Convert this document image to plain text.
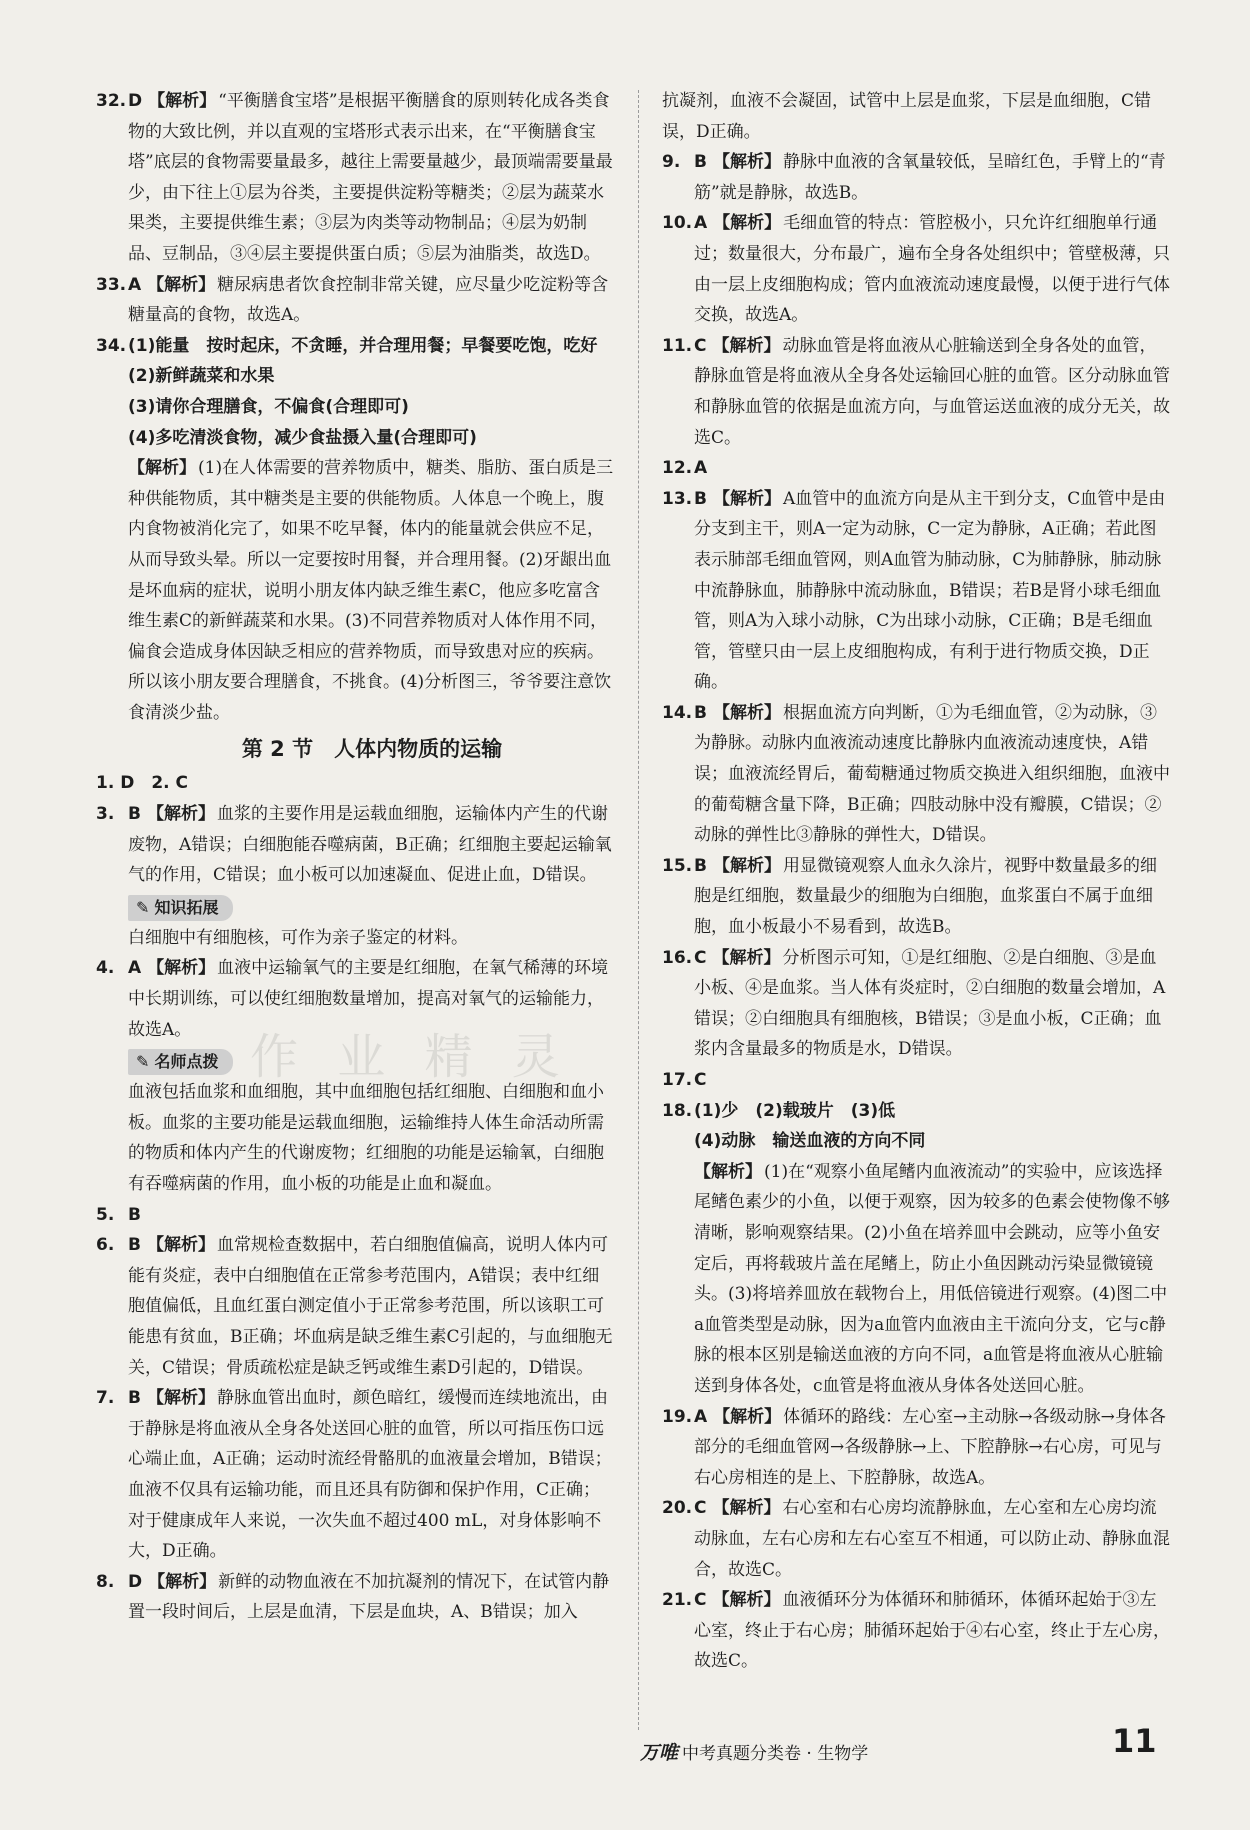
32. D 【解析】 “平衡膳食宝塔”是根据平衡膳食的原则转化成各类食物的大致比例，并以直观的宝塔形式表示出来，在“平衡膳食宝塔”底层的食物需要量最多，越往上需要量越少，最顶端需要量最少，由下往上①层为谷类，主要提供淀粉等糖类；②层为蔬菜水果类，主要提供维生素；③层为肉类等动物制品；④层为奶制品、豆制品，③④层主要提供蛋白质；⑤层为油脂类，故选D。

33. A 【解析】 糖尿病患者饮食控制非常关键，应尽量少吃淀粉等含糖量高的食物，故选A。

34. (1)能量　按时起床，不贪睡，并合理用餐；早餐要吃饱，吃好　(2)新鲜蔬菜和水果

(3)请你合理膳食，不偏食(合理即可)

(4)多吃清淡食物，减少食盐摄入量(合理即可)

【解析】 (1)在人体需要的营养物质中，糖类、脂肪、蛋白质是三种供能物质，其中糖类是主要的供能物质。人体息一个晚上，腹内食物被消化完了，如果不吃早餐，体内的能量就会供应不足，从而导致头晕。所以一定要按时用餐，并合理用餐。(2)牙龈出血是坏血病的症状，说明小朋友体内缺乏维生素C，他应多吃富含维生素C的新鲜蔬菜和水果。(3)不同营养物质对人体作用不同，偏食会造成身体因缺乏相应的营养物质，而导致患对应的疾病。所以该小朋友要合理膳食，不挑食。(4)分析图三，爷爷要注意饮食清淡少盐。

第 2 节　人体内物质的运输

1. D　2. C

3. B 【解析】 血浆的主要作用是运载血细胞，运输体内产生的代谢废物，A错误；白细胞能吞噬病菌，B正确；红细胞主要起运输氧气的作用，C错误；血小板可以加速凝血、促进止血，D错误。

✎ 知识拓展

白细胞中有细胞核，可作为亲子鉴定的材料。

4. A 【解析】 血液中运输氧气的主要是红细胞，在氧气稀薄的环境中长期训练，可以使红细胞数量增加，提高对氧气的运输能力，故选A。

✎ 名师点拨

血液包括血浆和血细胞，其中血细胞包括红细胞、白细胞和血小板。血浆的主要功能是运载血细胞，运输维持人体生命活动所需的物质和体内产生的代谢废物；红细胞的功能是运输氧，白细胞有吞噬病菌的作用，血小板的功能是止血和凝血。

5. B

6. B 【解析】 血常规检查数据中，若白细胞值偏高，说明人体内可能有炎症，表中白细胞值在正常参考范围内，A错误；表中红细胞值偏低，且血红蛋白测定值小于正常参考范围，所以该职工可能患有贫血，B正确；坏血病是缺乏维生素C引起的，与血细胞无关，C错误；骨质疏松症是缺乏钙或维生素D引起的，D错误。

7. B 【解析】 静脉血管出血时，颜色暗红，缓慢而连续地流出，由于静脉是将血液从全身各处送回心脏的血管，所以可指压伤口远心端止血，A正确；运动时流经骨骼肌的血液量会增加，B错误；血液不仅具有运输功能，而且还具有防御和保护作用，C正确；对于健康成年人来说，一次失血不超过400 mL，对身体影响不大，D正确。

8. D 【解析】 新鲜的动物血液在不加抗凝剂的情况下，在试管内静置一段时间后，上层是血清，下层是血块，A、B错误；加入

作 业 精 灵

抗凝剂，血液不会凝固，试管中上层是血浆，下层是血细胞，C错误，D正确。

9. B 【解析】 静脉中血液的含氧量较低，呈暗红色，手臂上的“青筋”就是静脉，故选B。

10. A 【解析】 毛细血管的特点：管腔极小，只允许红细胞单行通过；数量很大，分布最广，遍布全身各处组织中；管壁极薄，只由一层上皮细胞构成；管内血液流动速度最慢，以便于进行气体交换，故选A。

11. C 【解析】 动脉血管是将血液从心脏输送到全身各处的血管，静脉血管是将血液从全身各处运输回心脏的血管。区分动脉血管和静脉血管的依据是血流方向，与血管运送血液的成分无关，故选C。

12. A

13. B 【解析】 A血管中的血流方向是从主干到分支，C血管中是由分支到主干，则A一定为动脉，C一定为静脉，A正确；若此图表示肺部毛细血管网，则A血管为肺动脉，C为肺静脉，肺动脉中流静脉血，肺静脉中流动脉血，B错误；若B是肾小球毛细血管，则A为入球小动脉，C为出球小动脉，C正确；B是毛细血管，管壁只由一层上皮细胞构成，有利于进行物质交换，D正确。

14. B 【解析】 根据血流方向判断，①为毛细血管，②为动脉，③为静脉。动脉内血液流动速度比静脉内血液流动速度快，A错误；血液流经胃后，葡萄糖通过物质交换进入组织细胞，血液中的葡萄糖含量下降，B正确；四肢动脉中没有瓣膜，C错误；②动脉的弹性比③静脉的弹性大，D错误。

15. B 【解析】 用显微镜观察人血永久涂片，视野中数量最多的细胞是红细胞，数量最少的细胞为白细胞，血浆蛋白不属于血细胞，血小板最小不易看到，故选B。

16. C 【解析】 分析图示可知，①是红细胞、②是白细胞、③是血小板、④是血浆。当人体有炎症时，②白细胞的数量会增加，A错误；②白细胞具有细胞核，B错误；③是血小板，C正确；血浆内含量最多的物质是水，D错误。

17. C

18. (1)少　(2)载玻片　(3)低

(4)动脉　输送血液的方向不同

【解析】 (1)在“观察小鱼尾鳍内血液流动”的实验中，应该选择尾鳍色素少的小鱼，以便于观察，因为较多的色素会使物像不够清晰，影响观察结果。(2)小鱼在培养皿中会跳动，应等小鱼安定后，再将载玻片盖在尾鳍上，防止小鱼因跳动污染显微镜镜头。(3)将培养皿放在载物台上，用低倍镜进行观察。(4)图二中a血管类型是动脉，因为a血管内血液由主干流向分支，它与c静脉的根本区别是输送血液的方向不同，a血管是将血液从心脏输送到身体各处，c血管是将血液从身体各处送回心脏。

19. A 【解析】 体循环的路线：左心室→主动脉→各级动脉→身体各部分的毛细血管网→各级静脉→上、下腔静脉→右心房，可见与右心房相连的是上、下腔静脉，故选A。

20. C 【解析】 右心室和右心房均流静脉血，左心室和左心房均流动脉血，左右心房和左右心室互不相通，可以防止动、静脉血混合，故选C。

21. C 【解析】 血液循环分为体循环和肺循环，体循环起始于③左心室，终止于右心房；肺循环起始于④右心室，终止于左心房，故选C。

万唯 中考真题分类卷 · 生物学	11
